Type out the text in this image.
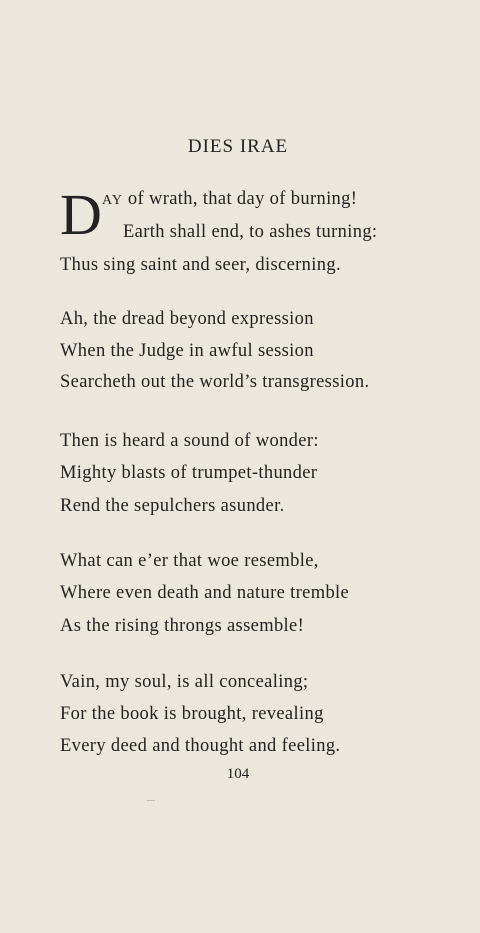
DIES IRAE
D AY of wrath, that day of burning!
Earth shall end, to ashes turning:
Thus sing saint and seer, discerning.
Ah, the dread beyond expression
When the Judge in awful session
Searcheth out the world’s transgression.
Then is heard a sound of wonder:
Mighty blasts of trumpet-thunder
Rend the sepulchers asunder.
What can e’er that woe resemble,
Where even death and nature tremble
As the rising throngs assemble!
Vain, my soul, is all concealing;
For the book is brought, revealing
Every deed and thought and feeling.
104
